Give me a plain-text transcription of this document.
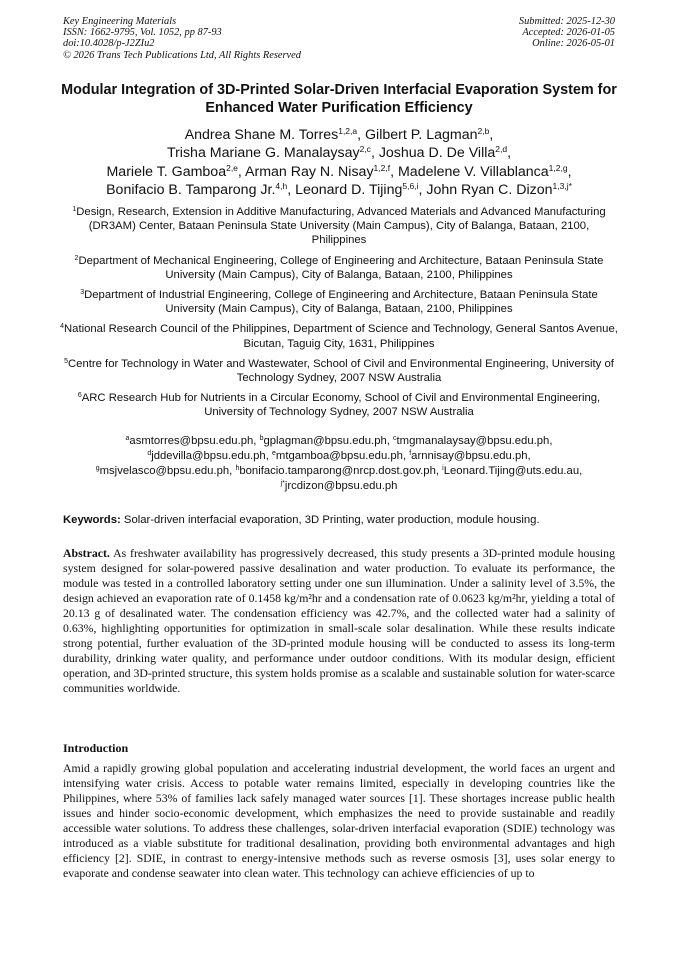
Key Engineering Materials
ISSN: 1662-9795, Vol. 1052, pp 87-93
doi:10.4028/p-J2ZIu2
© 2026 Trans Tech Publications Ltd, All Rights Reserved
Submitted: 2025-12-30
Accepted: 2026-01-05
Online: 2026-05-01
Modular Integration of 3D-Printed Solar-Driven Interfacial Evaporation System for Enhanced Water Purification Efficiency
Andrea Shane M. Torres$^{1,2,a}$, Gilbert P. Lagman$^{2,b}$,
Trisha Mariane G. Manalaysay$^{2,c}$, Joshua D. De Villa$^{2,d}$,
Mariele T. Gamboa$^{2,e}$, Arman Ray N. Nisay$^{1,2,f}$, Madelene V. Villablanca$^{1,2,g}$,
Bonifacio B. Tamparong Jr.$^{4,h}$, Leonard D. Tijing$^{5,6,i}$, John Ryan C. Dizon$^{1,3,j*}$
$^1$Design, Research, Extension in Additive Manufacturing, Advanced Materials and Advanced Manufacturing (DR3AM) Center, Bataan Peninsula State University (Main Campus), City of Balanga, Bataan, 2100, Philippines
$^2$Department of Mechanical Engineering, College of Engineering and Architecture, Bataan Peninsula State University (Main Campus), City of Balanga, Bataan, 2100, Philippines
$^3$Department of Industrial Engineering, College of Engineering and Architecture, Bataan Peninsula State University (Main Campus), City of Balanga, Bataan, 2100, Philippines
$^4$National Research Council of the Philippines, Department of Science and Technology, General Santos Avenue, Bicutan, Taguig City, 1631, Philippines
$^5$Centre for Technology in Water and Wastewater, School of Civil and Environmental Engineering, University of Technology Sydney, 2007 NSW Australia
$^6$ARC Research Hub for Nutrients in a Circular Economy, School of Civil and Environmental Engineering, University of Technology Sydney, 2007 NSW Australia
$^a$asmtorres@bpsu.edu.ph, $^b$gplagman@bpsu.edu.ph, $^c$tmgmanalaysay@bpsu.edu.ph,
$^d$jddevilla@bpsu.edu.ph, $^e$mtgamboa@bpsu.edu.ph, $^f$arnnisay@bpsu.edu.ph,
$^g$msjvelasco@bpsu.edu.ph, $^h$bonifacio.tamparong@nrcp.dost.gov.ph, $^i$Leonard.Tijing@uts.edu.au,
$^{j*}$jrcdizon@bpsu.edu.ph
Keywords: Solar-driven interfacial evaporation, 3D Printing, water production, module housing.
Abstract. As freshwater availability has progressively decreased, this study presents a 3D-printed module housing system designed for solar-powered passive desalination and water production. To evaluate its performance, the module was tested in a controlled laboratory setting under one sun illumination. Under a salinity level of 3.5%, the design achieved an evaporation rate of 0.1458 kg/m²hr and a condensation rate of 0.0623 kg/m²hr, yielding a total of 20.13 g of desalinated water. The condensation efficiency was 42.7%, and the collected water had a salinity of 0.63%, highlighting opportunities for optimization in small-scale solar desalination. While these results indicate strong potential, further evaluation of the 3D-printed module housing will be conducted to assess its long-term durability, drinking water quality, and performance under outdoor conditions. With its modular design, efficient operation, and 3D-printed structure, this system holds promise as a scalable and sustainable solution for water-scarce communities worldwide.
Introduction
Amid a rapidly growing global population and accelerating industrial development, the world faces an urgent and intensifying water crisis. Access to potable water remains limited, especially in developing countries like the Philippines, where 53% of families lack safely managed water sources [1]. These shortages increase public health issues and hinder socio-economic development, which emphasizes the need to provide sustainable and readily accessible water solutions. To address these challenges, solar-driven interfacial evaporation (SDIE) technology was introduced as a viable substitute for traditional desalination, providing both environmental advantages and high efficiency [2]. SDIE, in contrast to energy-intensive methods such as reverse osmosis [3], uses solar energy to evaporate and condense seawater into clean water. This technology can achieve efficiencies of up to
